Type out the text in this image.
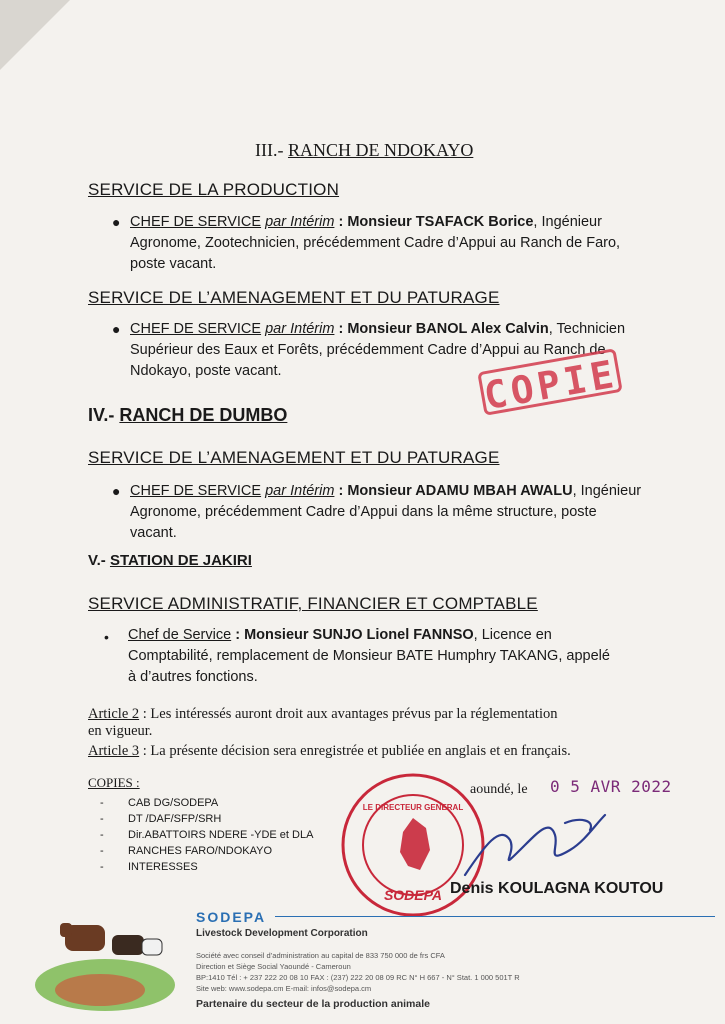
III.- RANCH DE NDOKAYO
SERVICE DE LA PRODUCTION
● CHEF DE SERVICE par Intérim : Monsieur TSAFACK Borice, Ingénieur
Agronome, Zootechnicien, précédemment Cadre d’Appui au Ranch de Faro,
poste vacant.
SERVICE DE L’AMENAGEMENT ET DU PATURAGE
● CHEF DE SERVICE par Intérim : Monsieur BANOL Alex Calvin, Technicien
Supérieur des Eaux et Forêts, précédemment Cadre d’Appui au Ranch de
Ndokayo, poste vacant.	COPIE
IV.- RANCH DE DUMBO
SERVICE DE L’AMENAGEMENT ET DU PATURAGE
● CHEF DE SERVICE par Intérim : Monsieur ADAMU MBAH AWALU, Ingénieur
Agronome, précédemment Cadre d’Appui dans la même structure, poste
vacant.
V.- STATION DE JAKIRI
SERVICE ADMINISTRATIF, FINANCIER ET COMPTABLE
• Chef de Service : Monsieur SUNJO Lionel FANNSO, Licence en
Comptabilité, remplacement de Monsieur BATE Humphry TAKANG, appelé
à d’autres fonctions.
Article 2 : Les intéressés auront droit aux avantages prévus par la réglementation
en vigueur.
Article 3 : La présente décision sera enregistrée et publiée en anglais et en français.
COPIES :
- CAB DG/SODEPA
- DT /DAF/SFP/SRH
- Dir.ABATTOIRS NDERE -YDE et DLA
- RANCHES FARO/NDOKAYO
- INTERESSES
aoundé, le 0 5 AVR 2022
LE DIRECTEUR GENERAL
SODEPA Denis KOULAGNA KOUTOU
SODEPA
Livestock Development Corporation
Société avec conseil d’administration au capital de 833 750 000 de frs CFA
Direction et Siège Social Yaoundé - Cameroun
BP:1410 Tél : + 237 222 20 08 10 FAX : (237) 222 20 08 09 RC N° H 667 - N° Stat. 1 000 501T R
Site web: www.sodepa.cm E-mail: infos@sodepa.cm
Partenaire du secteur de la production animale
